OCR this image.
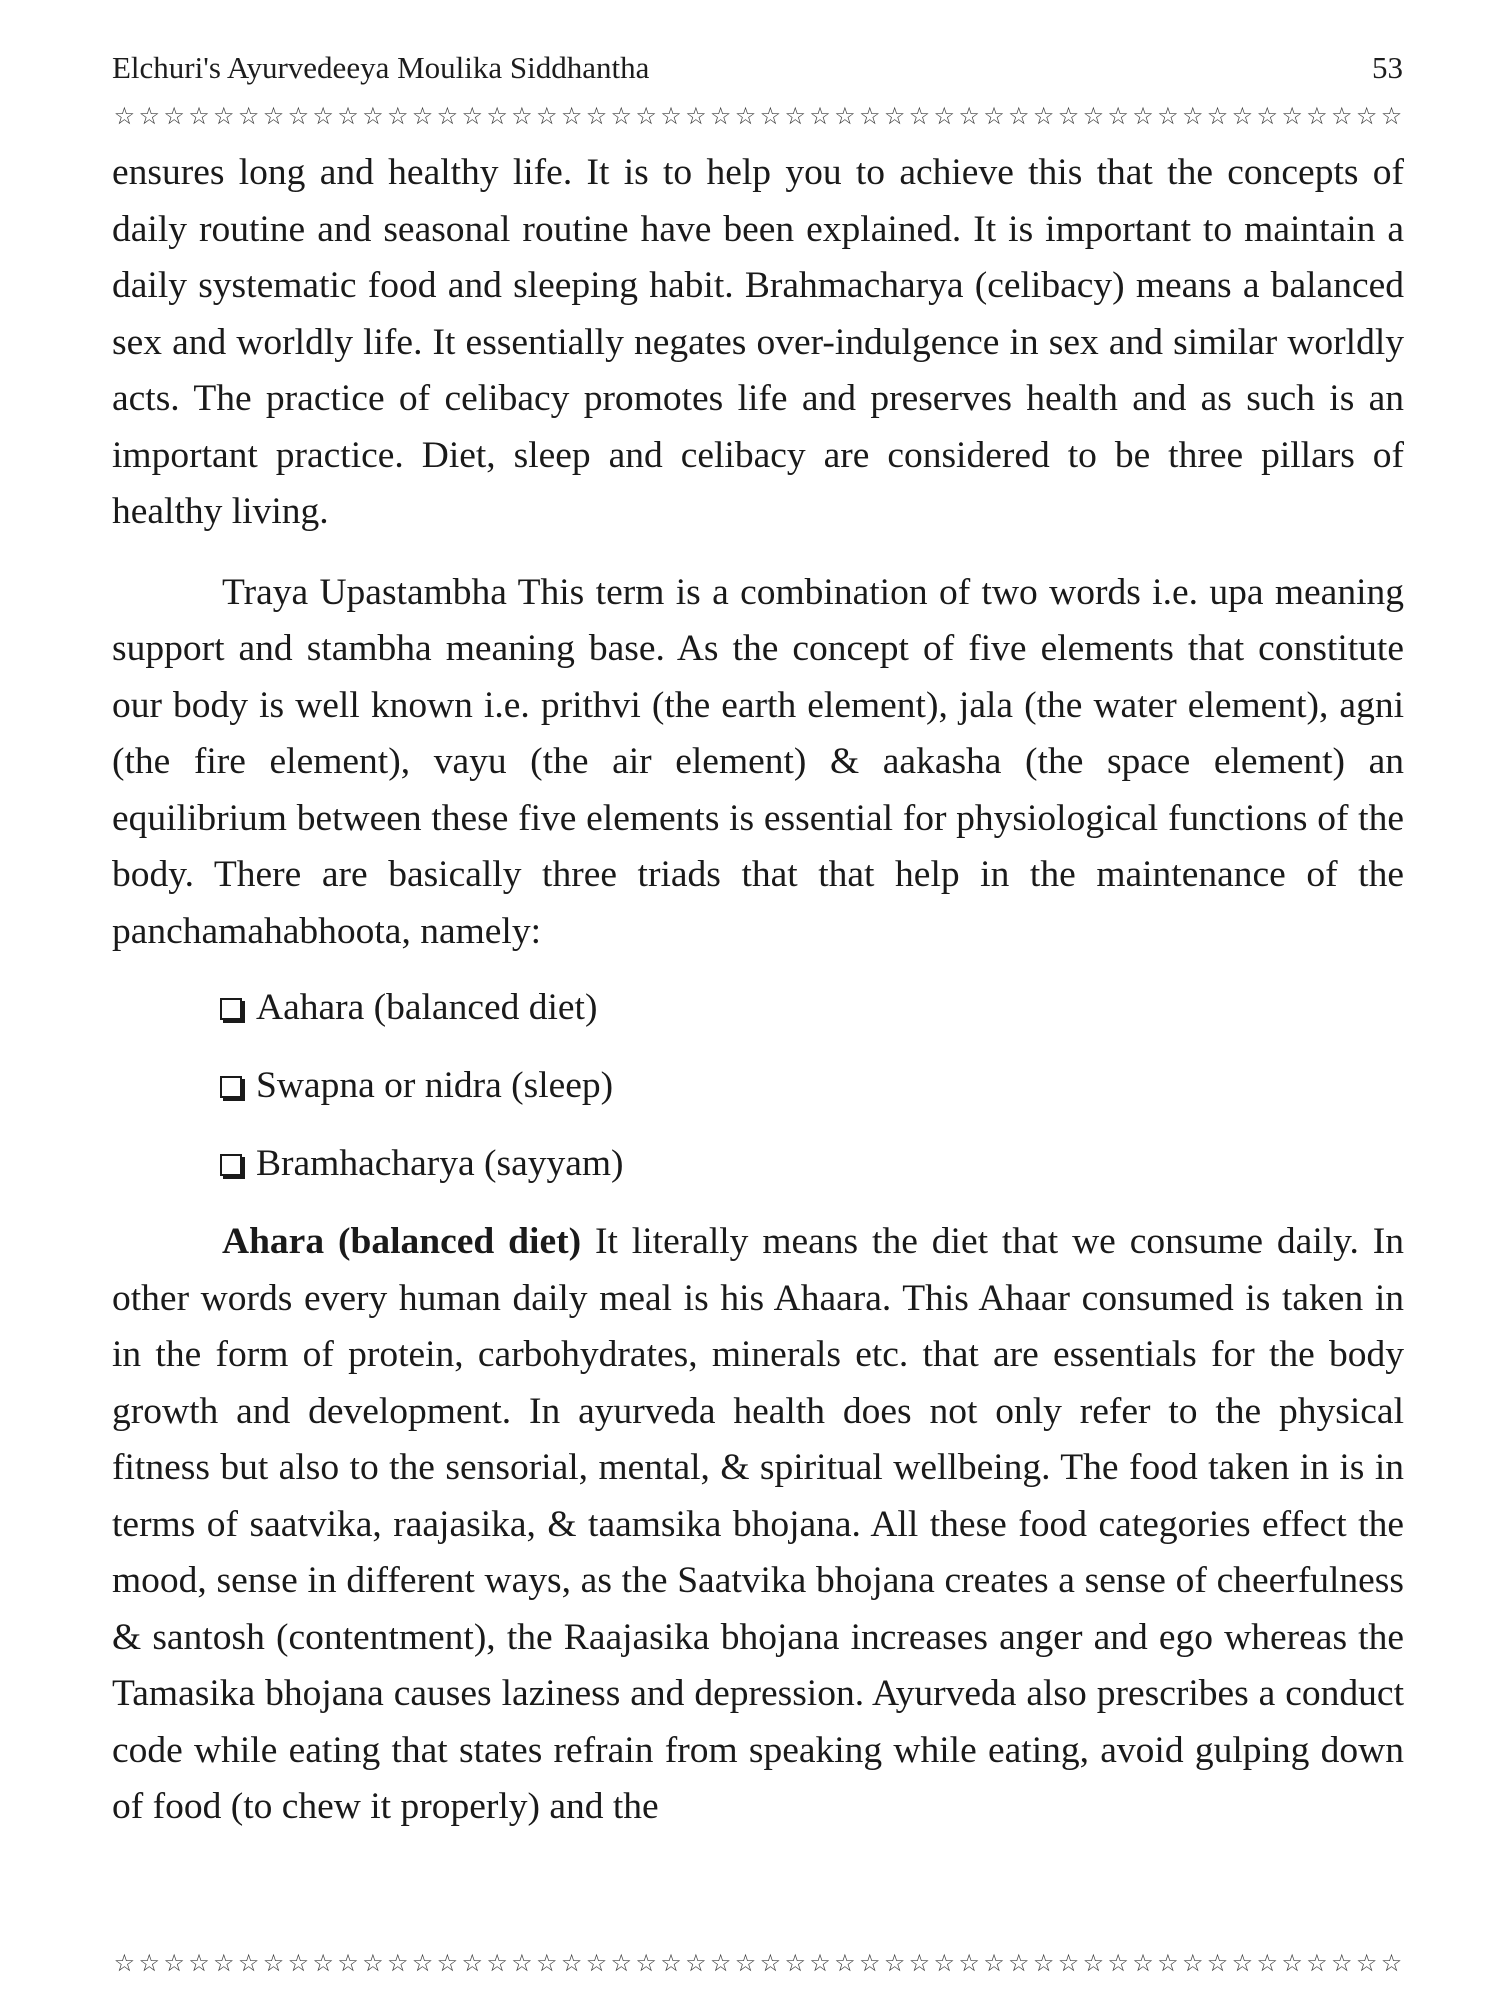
Elchuri's Ayurvedeeya Moulika Siddhantha	53
☆ ☆ ☆ ☆ ☆ ☆ ☆ ☆ ☆ ☆ ☆ ☆ ☆ ☆ ☆ ☆ ☆ ☆ ☆ ☆ ☆ ☆ ☆ ☆ ☆ ☆ ☆ ☆ ☆ ☆ ☆ ☆ ☆ ☆ ☆ ☆ ☆ ☆ ☆ ☆ ☆ ☆ ☆ ☆ ☆ ☆ ☆ ☆ ☆ ☆ ☆ ☆

ensures long and healthy life. It is to help you to achieve this that the concepts of daily routine and seasonal routine have been explained. It is important to maintain a daily systematic food and sleeping habit. Brahmacharya (celibacy) means a balanced sex and worldly life. It essentially negates over-indulgence in sex and similar worldly acts. The practice of celibacy promotes life and preserves health and as such is an important practice. Diet, sleep and celibacy are considered to be three pillars of healthy living.

Traya Upastambha This term is a combination of two words i.e. upa meaning support and stambha meaning base. As the concept of five elements that constitute our body is well known i.e. prithvi (the earth element), jala (the water element), agni (the fire element), vayu (the air element) & aakasha (the space element) an equilibrium between these five elements is essential for physiological functions of the body. There are basically three triads that that help in the maintenance of the panchamahabhoota, namely:

Aahara (balanced diet)
Swapna or nidra (sleep)
Bramhacharya (sayyam)

Ahara (balanced diet) It literally means the diet that we consume daily. In other words every human daily meal is his Ahaara. This Ahaar consumed is taken in in the form of protein, carbohydrates, minerals etc. that are essentials for the body growth and development. In ayurveda health does not only refer to the physical fitness but also to the sensorial, mental, & spiritual wellbeing. The food taken in is in terms of saatvika, raajasika, & taamsika bhojana. All these food categories effect the mood, sense in different ways, as the Saatvika bhojana creates a sense of cheerfulness & santosh (contentment), the Raajasika bhojana increases anger and ego whereas the Tamasika bhojana causes laziness and depression. Ayurveda also prescribes a conduct code while eating that states refrain from speaking while eating, avoid gulping down of food (to chew it properly) and the

☆ ☆ ☆ ☆ ☆ ☆ ☆ ☆ ☆ ☆ ☆ ☆ ☆ ☆ ☆ ☆ ☆ ☆ ☆ ☆ ☆ ☆ ☆ ☆ ☆ ☆ ☆ ☆ ☆ ☆ ☆ ☆ ☆ ☆ ☆ ☆ ☆ ☆ ☆ ☆ ☆ ☆ ☆ ☆ ☆ ☆ ☆ ☆ ☆ ☆ ☆ ☆
